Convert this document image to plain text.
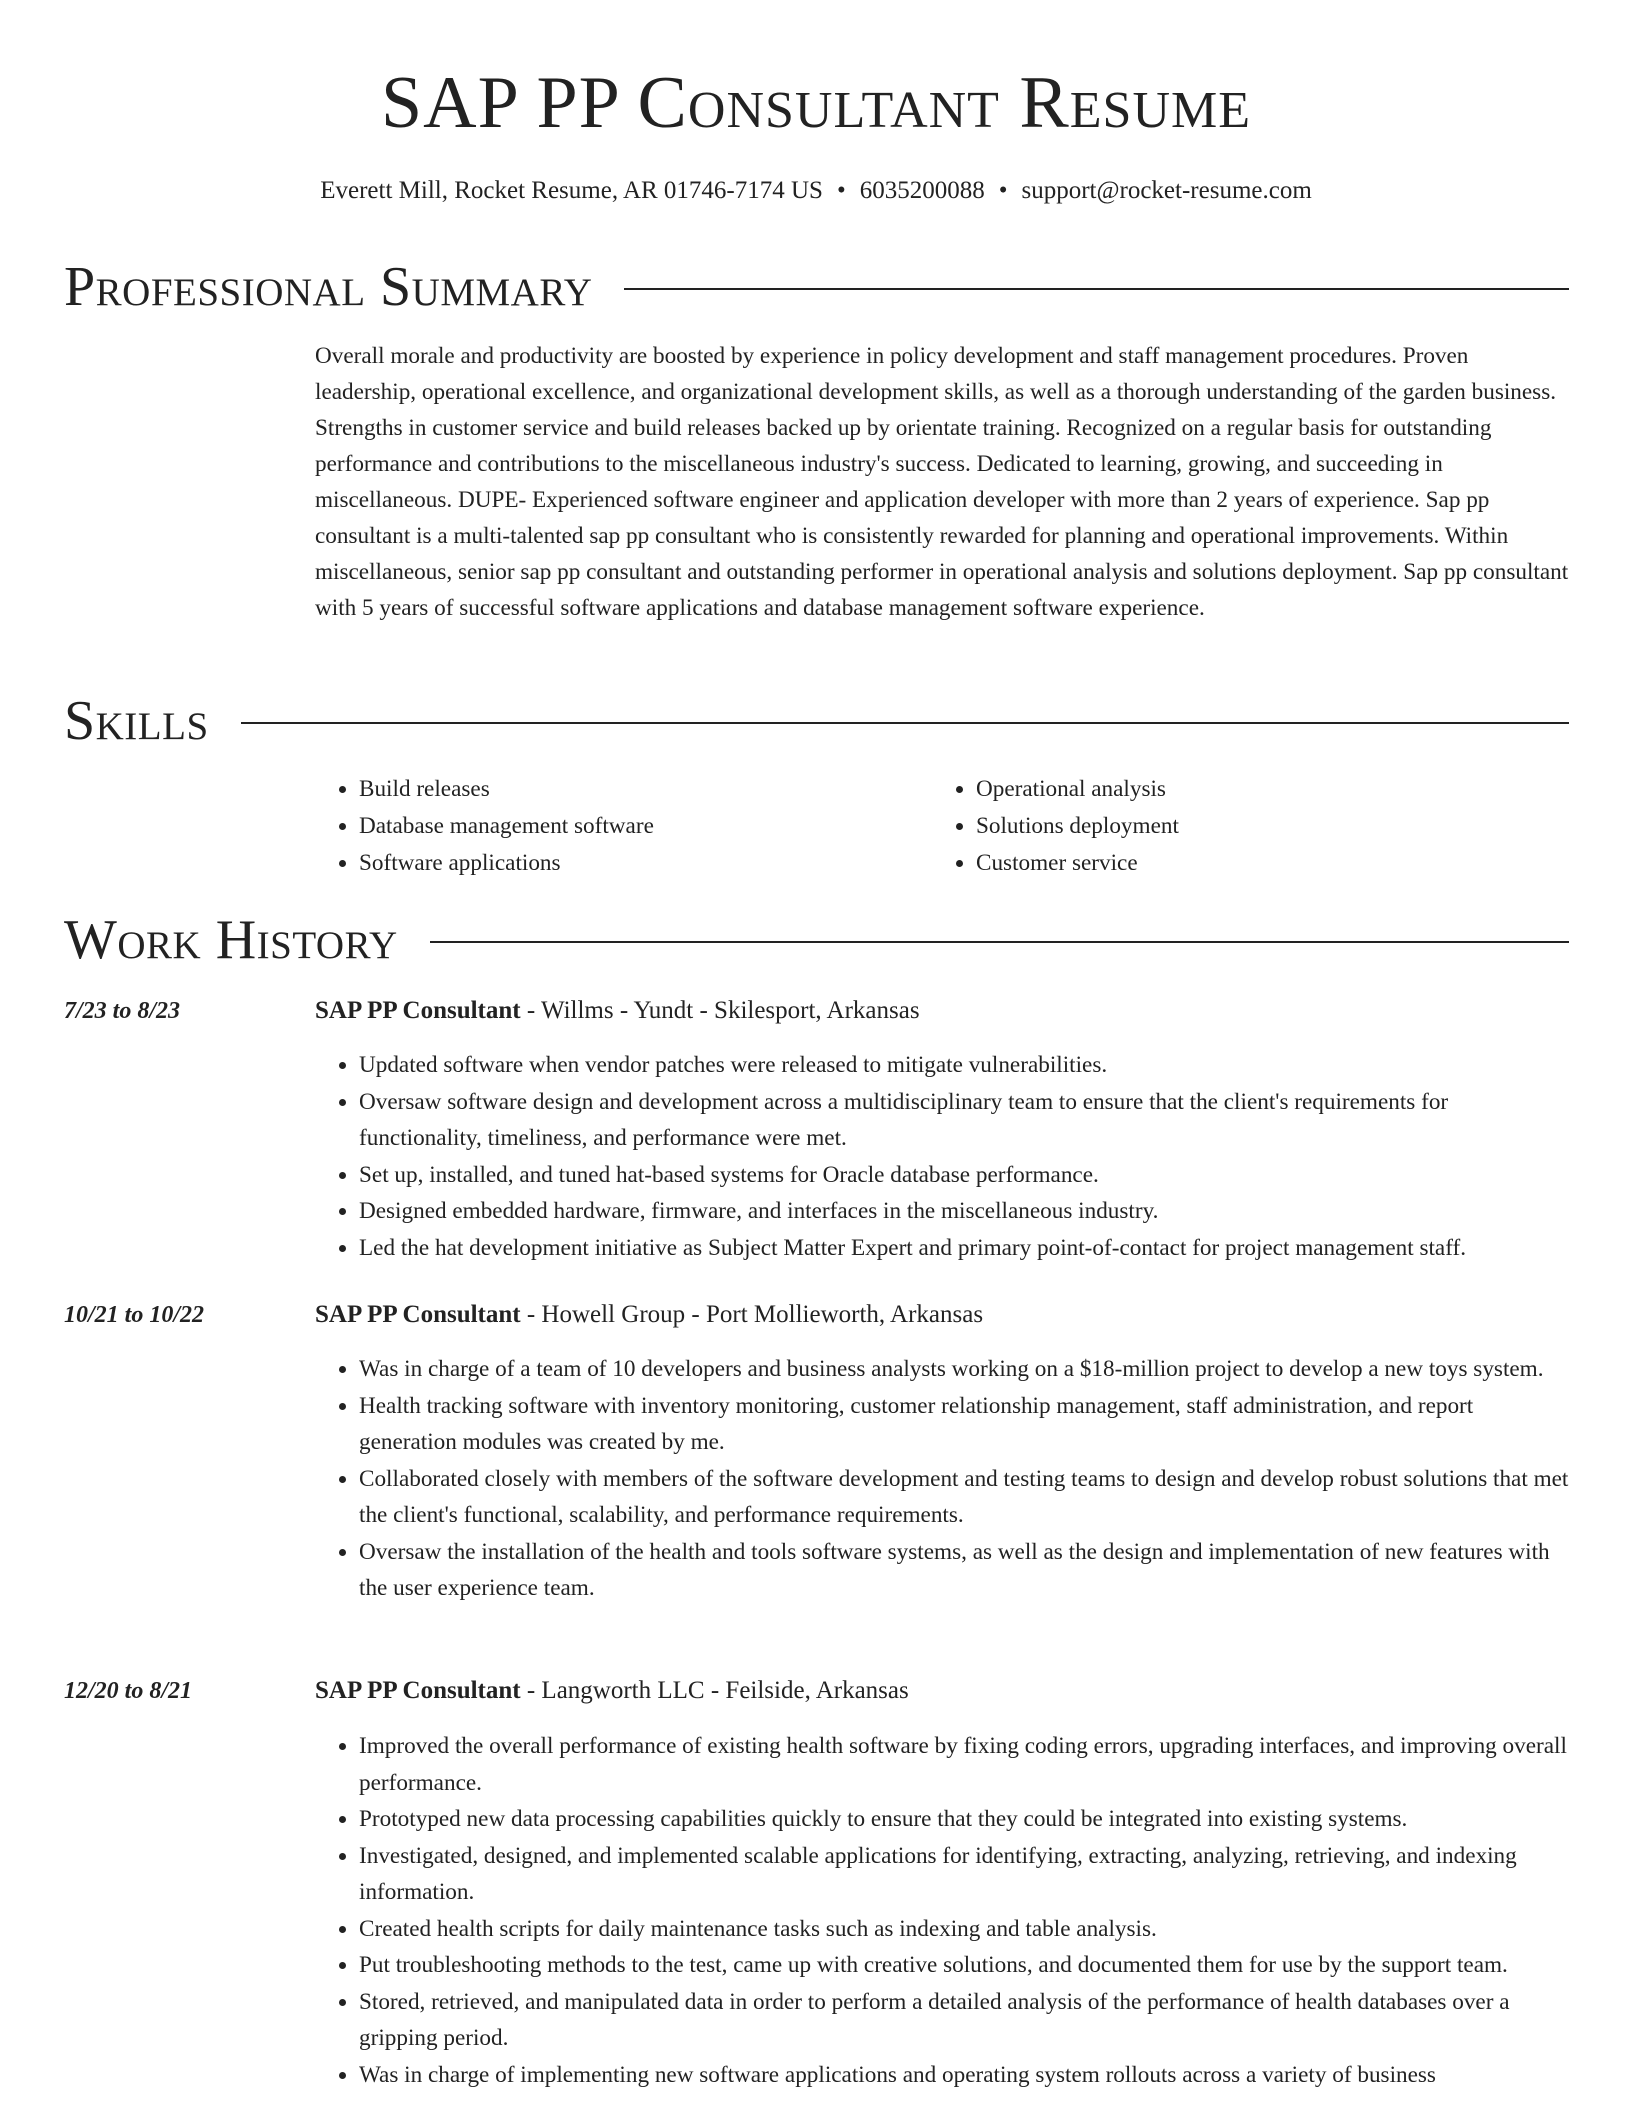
SAP PP Consultant Resume
Everett Mill, Rocket Resume, AR 01746-7174 US • 6035200088 • support@rocket-resume.com
Professional Summary

Overall morale and productivity are boosted by experience in policy development and staff management procedures. Proven leadership, operational excellence, and organizational development skills, as well as a thorough understanding of the garden business. Strengths in customer service and build releases backed up by orientate training. Recognized on a regular basis for outstanding performance and contributions to the miscellaneous industry's success. Dedicated to learning, growing, and succeeding in miscellaneous. DUPE- Experienced software engineer and application developer with more than 2 years of experience. Sap pp consultant is a multi-talented sap pp consultant who is consistently rewarded for planning and operational improvements. Within miscellaneous, senior sap pp consultant and outstanding performer in operational analysis and solutions deployment. Sap pp consultant with 5 years of successful software applications and database management software experience.

Skills
• Build releases
• Database management software
• Software applications
• Operational analysis
• Solutions deployment
• Customer service
Work History
7/23 to 8/23	SAP PP Consultant - Willms - Yundt - Skilesport, Arkansas
• Updated software when vendor patches were released to mitigate vulnerabilities.
• Oversaw software design and development across a multidisciplinary team to ensure that the client's requirements for functionality, timeliness, and performance were met.
• Set up, installed, and tuned hat-based systems for Oracle database performance.
• Designed embedded hardware, firmware, and interfaces in the miscellaneous industry.
• Led the hat development initiative as Subject Matter Expert and primary point-of-contact for project management staff.
10/21 to 10/22	SAP PP Consultant - Howell Group - Port Mollieworth, Arkansas
• Was in charge of a team of 10 developers and business analysts working on a $18-million project to develop a new toys system.
• Health tracking software with inventory monitoring, customer relationship management, staff administration, and report generation modules was created by me.
• Collaborated closely with members of the software development and testing teams to design and develop robust solutions that met the client's functional, scalability, and performance requirements.
• Oversaw the installation of the health and tools software systems, as well as the design and implementation of new features with the user experience team.
12/20 to 8/21	SAP PP Consultant - Langworth LLC - Feilside, Arkansas
• Improved the overall performance of existing health software by fixing coding errors, upgrading interfaces, and improving overall performance.
• Prototyped new data processing capabilities quickly to ensure that they could be integrated into existing systems.
• Investigated, designed, and implemented scalable applications for identifying, extracting, analyzing, retrieving, and indexing information.
• Created health scripts for daily maintenance tasks such as indexing and table analysis.
• Put troubleshooting methods to the test, came up with creative solutions, and documented them for use by the support team.
• Stored, retrieved, and manipulated data in order to perform a detailed analysis of the performance of health databases over a gripping period.
• Was in charge of implementing new software applications and operating system rollouts across a variety of business
